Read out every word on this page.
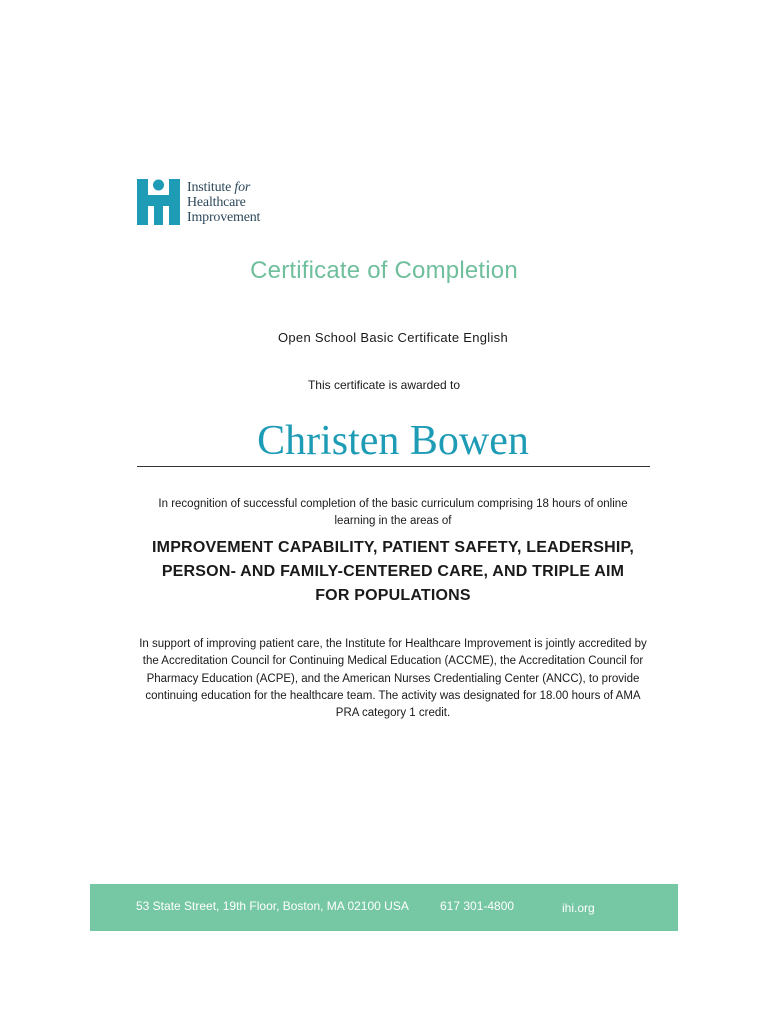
Institute for
Healthcare
Improvement
Certificate of Completion
Open School Basic Certificate English
This certificate is awarded to
Christen Bowen
In recognition of successful completion of the basic curriculum comprising 18 hours of online learning in the areas of
IMPROVEMENT CAPABILITY, PATIENT SAFETY, LEADERSHIP,
PERSON- AND FAMILY-CENTERED CARE, AND TRIPLE AIM
FOR POPULATIONS
In support of improving patient care, the Institute for Healthcare Improvement is jointly accredited by the Accreditation Council for Continuing Medical Education (ACCME), the Accreditation Council for Pharmacy Education (ACPE), and the American Nurses Credentialing Center (ANCC), to provide continuing education for the healthcare team. The activity was designated for 18.00 hours of AMA PRA category 1 credit.
53 State Street, 19th Floor, Boston, MA 02100 USA	617 301-4800	ihi.org
